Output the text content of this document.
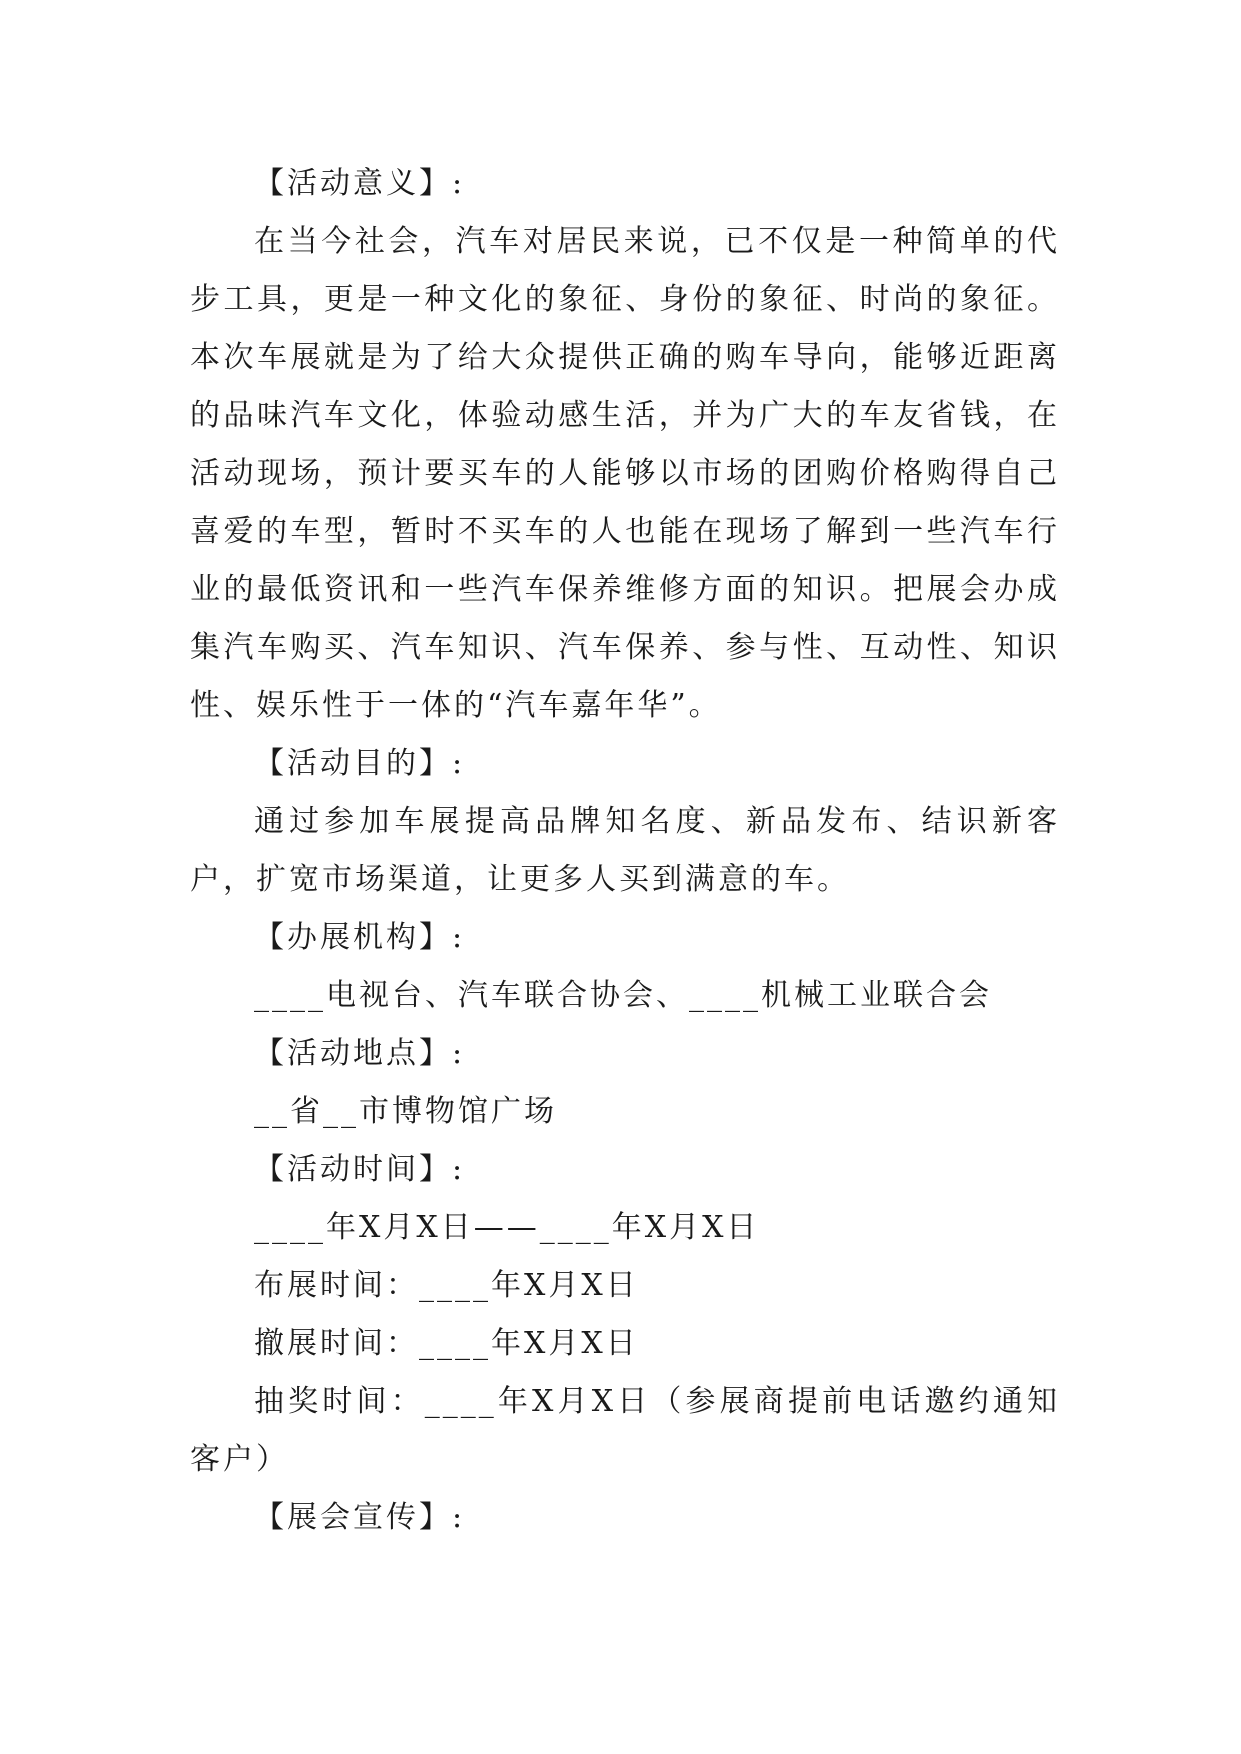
【活动意义】:

在当今社会，汽车对居民来说，已不仅是一种简单的代步工具，更是一种文化的象征、身份的象征、时尚的象征。本次车展就是为了给大众提供正确的购车导向，能够近距离的品味汽车文化，体验动感生活，并为广大的车友省钱，在活动现场，预计要买车的人能够以市场的团购价格购得自己喜爱的车型，暂时不买车的人也能在现场了解到一些汽车行业的最低资讯和一些汽车保养维修方面的知识。把展会办成集汽车购买、汽车知识、汽车保养、参与性、互动性、知识性、娱乐性于一体的“汽车嘉年华”。

【活动目的】:

通过参加车展提高品牌知名度、新品发布、结识新客户，扩宽市场渠道，让更多人买到满意的车。

【办展机构】:

____电视台、汽车联合协会、____机械工业联合会

【活动地点】:

__省__市博物馆广场

【活动时间】:

____年X月X日——____年X月X日

布展时间：____年X月X日

撤展时间：____年X月X日

抽奖时间：____年X月X日（参展商提前电话邀约通知客户）

【展会宣传】:
